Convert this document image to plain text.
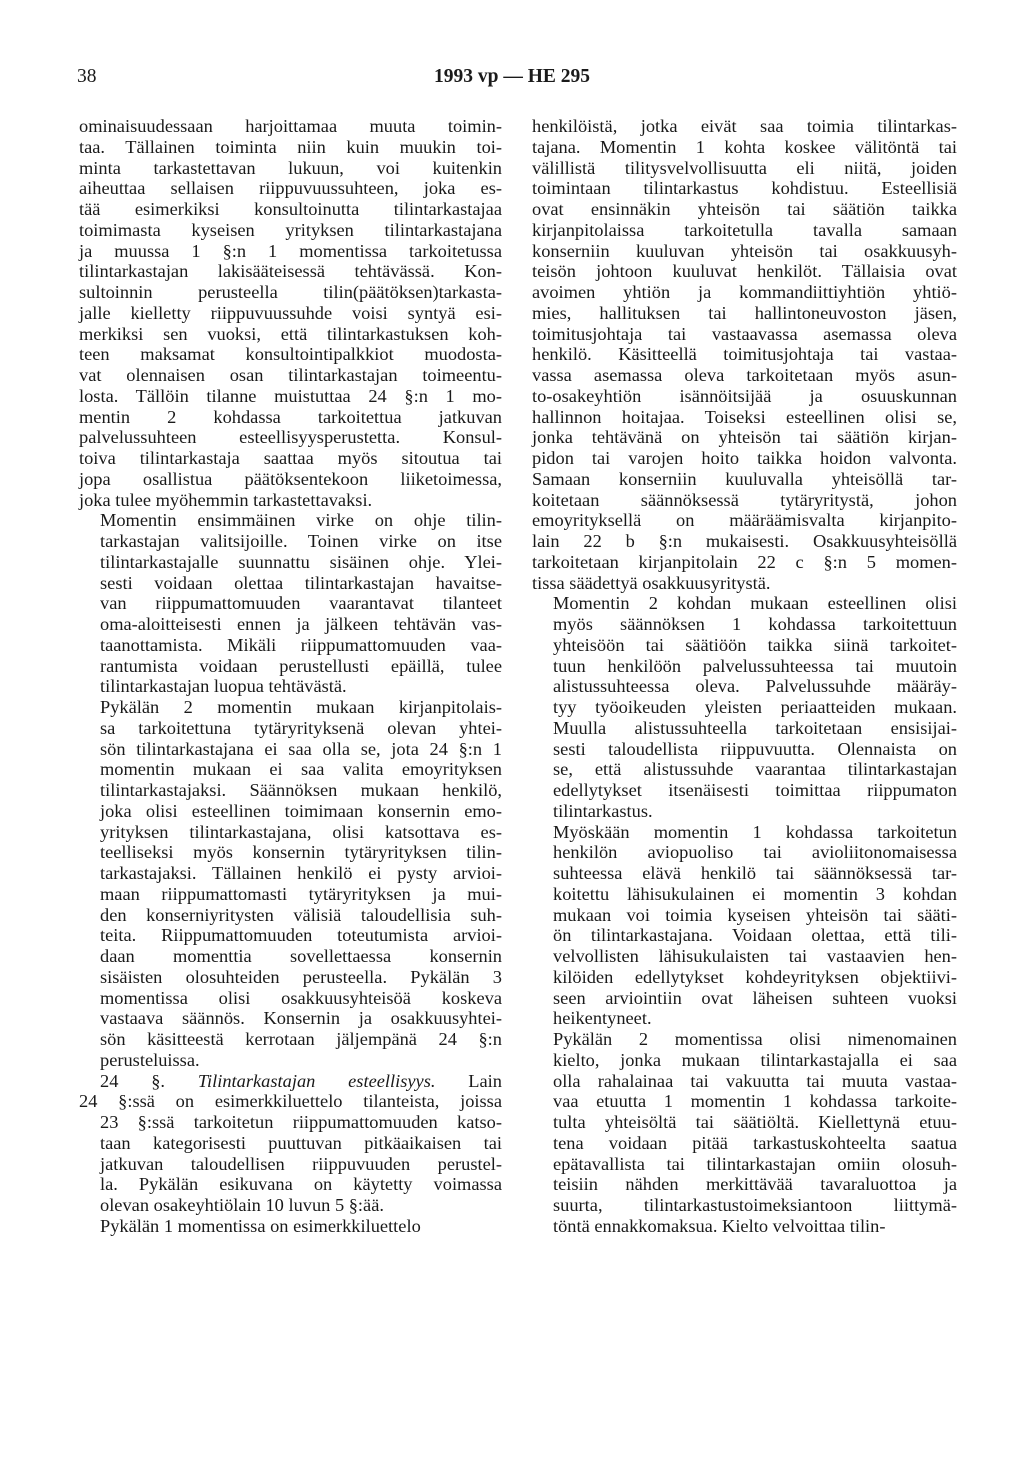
38	1993 vp — HE 295

ominaisuudessaan harjoittamaa muuta toimin-
taa. Tällainen toiminta niin kuin muukin toi-
minta tarkastettavan lukuun, voi kuitenkin
aiheuttaa sellaisen riippuvuussuhteen, joka es-
tää esimerkiksi konsultoinutta tilintarkastajaa
toimimasta kyseisen yrityksen tilintarkastajana
ja muussa 1 §:n 1 momentissa tarkoitetussa
tilintarkastajan lakisääteisessä tehtävässä. Kon-
sultoinnin perusteella tilin(päätöksen)tarkasta-
jalle kielletty riippuvuussuhde voisi syntyä esi-
merkiksi sen vuoksi, että tilintarkastuksen koh-
teen maksamat konsultointipalkkiot muodosta-
vat olennaisen osan tilintarkastajan toimeentu-
losta. Tällöin tilanne muistuttaa 24 §:n 1 mo-
mentin 2 kohdassa tarkoitettua jatkuvan
palvelussuhteen esteellisyysperustetta. Konsul-
toiva tilintarkastaja saattaa myös sitoutua tai
jopa osallistua päätöksentekoon liiketoimessa,
joka tulee myöhemmin tarkastettavaksi.

Momentin ensimmäinen virke on ohje tilin-
tarkastajan valitsijoille. Toinen virke on itse
tilintarkastajalle suunnattu sisäinen ohje. Ylei-
sesti voidaan olettaa tilintarkastajan havaitse-
van riippumattomuuden vaarantavat tilanteet
oma-aloitteisesti ennen ja jälkeen tehtävän vas-
taanottamista. Mikäli riippumattomuuden vaa-
rantumista voidaan perustellusti epäillä, tulee
tilintarkastajan luopua tehtävästä.

Pykälän 2 momentin mukaan kirjanpitolais-
sa tarkoitettuna tytäryrityksenä olevan yhtei-
sön tilintarkastajana ei saa olla se, jota 24 §:n 1
momentin mukaan ei saa valita emoyrityksen
tilintarkastajaksi. Säännöksen mukaan henkilö,
joka olisi esteellinen toimimaan konsernin emo-
yrityksen tilintarkastajana, olisi katsottava es-
teelliseksi myös konsernin tytäryrityksen tilin-
tarkastajaksi. Tällainen henkilö ei pysty arvioi-
maan riippumattomasti tytäryrityksen ja mui-
den konserniyritysten välisiä taloudellisia suh-
teita. Riippumattomuuden toteutumista arvioi-
daan momenttia sovellettaessa konsernin
sisäisten olosuhteiden perusteella. Pykälän 3
momentissa olisi osakkuusyhteisöä koskeva
vastaava säännös. Konsernin ja osakkuusyhtei-
sön käsitteestä kerrotaan jäljempänä 24 §:n
perusteluissa.

24 §. Tilintarkastajan esteellisyys. Lain
24 §:ssä on esimerkkiluettelo tilanteista, joissa
23 §:ssä tarkoitetun riippumattomuuden katso-
taan kategorisesti puuttuvan pitkäaikaisen tai
jatkuvan taloudellisen riippuvuuden perustel-
la. Pykälän esikuvana on käytetty voimassa
olevan osakeyhtiölain 10 luvun 5 §:ää.

Pykälän 1 momentissa on esimerkkiluettelo

henkilöistä, jotka eivät saa toimia tilintarkas-
tajana. Momentin 1 kohta koskee välitöntä tai
välillistä tilitysvelvollisuutta eli niitä, joiden
toimintaan tilintarkastus kohdistuu. Esteellisiä
ovat ensinnäkin yhteisön tai säätiön taikka
kirjanpitolaissa tarkoitetulla tavalla samaan
konserniin kuuluvan yhteisön tai osakkuusyh-
teisön johtoon kuuluvat henkilöt. Tällaisia ovat
avoimen yhtiön ja kommandiittiyhtiön yhtiö-
mies, hallituksen tai hallintoneuvoston jäsen,
toimitusjohtaja tai vastaavassa asemassa oleva
henkilö. Käsitteellä toimitusjohtaja tai vastaa-
vassa asemassa oleva tarkoitetaan myös asun-
to-osakeyhtiön isännöitsijää ja osuuskunnan
hallinnon hoitajaa. Toiseksi esteellinen olisi se,
jonka tehtävänä on yhteisön tai säätiön kirjan-
pidon tai varojen hoito taikka hoidon valvonta.
Samaan konserniin kuuluvalla yhteisöllä tar-
koitetaan säännöksessä tytäryritystä, johon
emoyrityksellä on määräämisvalta kirjanpito-
lain 22 b §:n mukaisesti. Osakkuusyhteisöllä
tarkoitetaan kirjanpitolain 22 c §:n 5 momen-
tissa säädettyä osakkuusyritystä.

Momentin 2 kohdan mukaan esteellinen olisi
myös säännöksen 1 kohdassa tarkoitettuun
yhteisöön tai säätiöön taikka siinä tarkoitet-
tuun henkilöön palvelussuhteessa tai muutoin
alistussuhteessa oleva. Palvelussuhde määräy-
tyy työoikeuden yleisten periaatteiden mukaan.
Muulla alistussuhteella tarkoitetaan ensisijai-
sesti taloudellista riippuvuutta. Olennaista on
se, että alistussuhde vaarantaa tilintarkastajan
edellytykset itsenäisesti toimittaa riippumaton
tilintarkastus.

Myöskään momentin 1 kohdassa tarkoitetun
henkilön aviopuoliso tai avioliitonomaisessa
suhteessa elävä henkilö tai säännöksessä tar-
koitettu lähisukulainen ei momentin 3 kohdan
mukaan voi toimia kyseisen yhteisön tai sääti-
ön tilintarkastajana. Voidaan olettaa, että tili-
velvollisten lähisukulaisten tai vastaavien hen-
kilöiden edellytykset kohdeyrityksen objektiivi-
seen arviointiin ovat läheisen suhteen vuoksi
heikentyneet.

Pykälän 2 momentissa olisi nimenomainen
kielto, jonka mukaan tilintarkastajalla ei saa
olla rahalainaa tai vakuutta tai muuta vastaa-
vaa etuutta 1 momentin 1 kohdassa tarkoite-
tulta yhteisöltä tai säätiöltä. Kiellettynä etuu-
tena voidaan pitää tarkastuskohteelta saatua
epätavallista tai tilintarkastajan omiin olosuh-
teisiin nähden merkittävää tavaraluottoa ja
suurta, tilintarkastustoimeksiantoon liittymä-
töntä ennakkomaksua. Kielto velvoittaa tilin-
